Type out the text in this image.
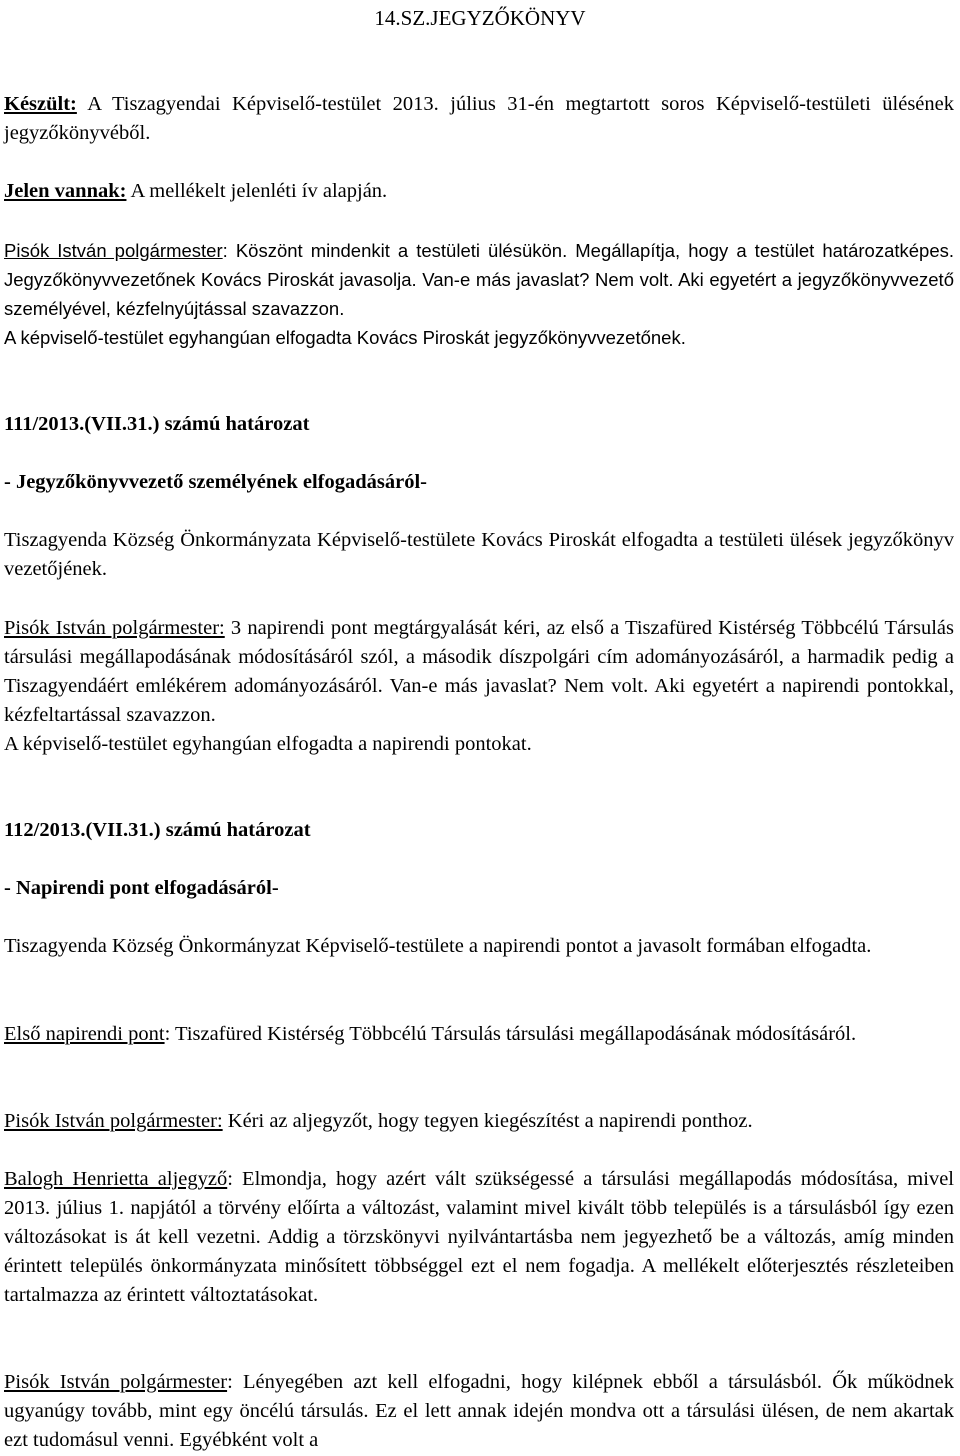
14.SZ.JEGYZŐKÖNYV

Készült: A Tiszagyendai Képviselő-testület 2013. július 31-én megtartott soros Képviselő-testületi ülésének jegyzőkönyvéből.

Jelen vannak: A mellékelt jelenléti ív alapján.

Pisók István polgármester: Köszönt mindenkit a testületi ülésükön. Megállapítja, hogy a testület határozatképes. Jegyzőkönyvvezetőnek Kovács Piroskát javasolja. Van-e más javaslat? Nem volt. Aki egyetért a jegyzőkönyvvezető személyével, kézfelnyújtással szavazzon.
A képviselő-testület egyhangúan elfogadta Kovács Piroskát jegyzőkönyvvezetőnek.

111/2013.(VII.31.) számú határozat

- Jegyzőkönyvvezető személyének elfogadásáról-

Tiszagyenda Község Önkormányzata Képviselő-testülete Kovács Piroskát elfogadta a testületi ülések jegyzőkönyv vezetőjének.

Pisók István polgármester: 3 napirendi pont megtárgyalását kéri, az első a Tiszafüred Kistérség Többcélú Társulás társulási megállapodásának módosításáról szól, a második díszpolgári cím adományozásáról, a harmadik pedig a Tiszagyendáért emlékérem adományozásáról. Van-e más javaslat? Nem volt. Aki egyetért a napirendi pontokkal, kézfeltartással szavazzon.
A képviselő-testület egyhangúan elfogadta a napirendi pontokat.

112/2013.(VII.31.) számú határozat

- Napirendi pont elfogadásáról-

Tiszagyenda Község Önkormányzat Képviselő-testülete a napirendi pontot a javasolt formában elfogadta.

Első napirendi pont: Tiszafüred Kistérség Többcélú Társulás társulási megállapodásának módosításáról.

Pisók István polgármester: Kéri az aljegyzőt, hogy tegyen kiegészítést a napirendi ponthoz.

Balogh Henrietta aljegyző: Elmondja, hogy azért vált szükségessé a társulási megállapodás módosítása, mivel 2013. július 1. napjától a törvény előírta a változást, valamint mivel kivált több település is a társulásból így ezen változásokat is át kell vezetni. Addig a törzskönyvi nyilvántartásba nem jegyezhető be a változás, amíg minden érintett település önkormányzata minősített többséggel ezt el nem fogadja. A mellékelt előterjesztés részleteiben tartalmazza az érintett változtatásokat.

Pisók István polgármester: Lényegében azt kell elfogadni, hogy kilépnek ebből a társulásból. Ők működnek ugyanúgy tovább, mint egy öncélú társulás. Ez el lett annak idején mondva ott a társulási ülésen, de nem akartak ezt tudomásul venni. Egyébként volt a
